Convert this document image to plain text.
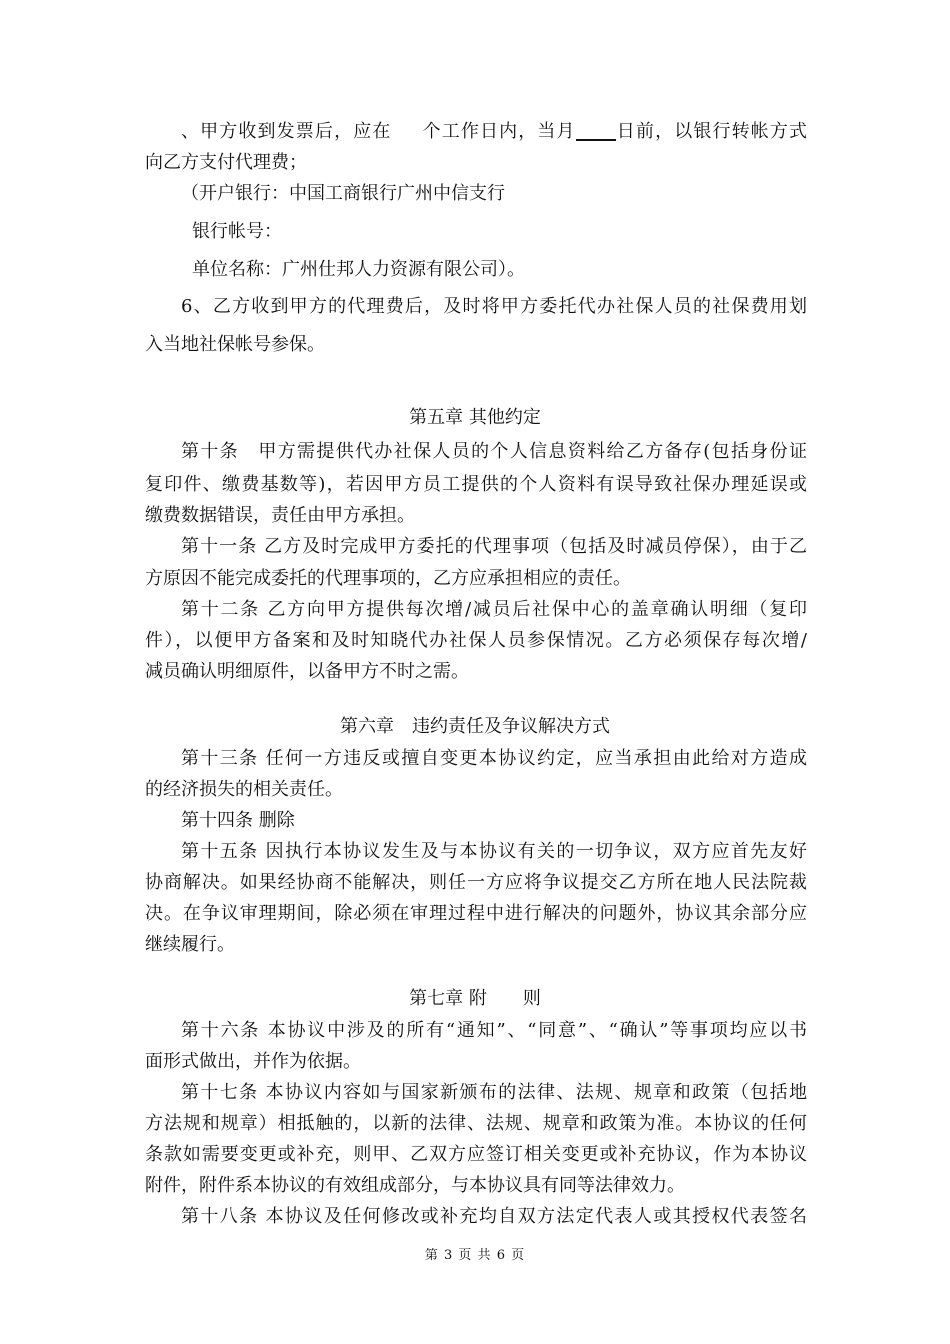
、甲方收到发票后，应在 个工作日内，当月 日前，以银行转帐方式
向乙方支付代理费；
（开户银行：中国工商银行广州中信支行
银行帐号：
单位名称：广州仕邦人力资源有限公司）。
6、乙方收到甲方的代理费后，及时将甲方委托代办社保人员的社保费用划
入当地社保帐号参保。
第五章 其他约定
第十条　甲方需提供代办社保人员的个人信息资料给乙方备存(包括身份证
复印件、缴费基数等)，若因甲方员工提供的个人资料有误导致社保办理延误或
缴费数据错误，责任由甲方承担。
第十一条 乙方及时完成甲方委托的代理事项（包括及时减员停保），由于乙
方原因不能完成委托的代理事项的，乙方应承担相应的责任。
第十二条 乙方向甲方提供每次增/减员后社保中心的盖章确认明细（复印
件），以便甲方备案和及时知晓代办社保人员参保情况。乙方必须保存每次增/
减员确认明细原件，以备甲方不时之需。
第六章　违约责任及争议解决方式
第十三条 任何一方违反或擅自变更本协议约定，应当承担由此给对方造成
的经济损失的相关责任。
第十四条 删除
第十五条 因执行本协议发生及与本协议有关的一切争议，双方应首先友好
协商解决。如果经协商不能解决，则任一方应将争议提交乙方所在地人民法院裁
决。在争议审理期间，除必须在审理过程中进行解决的问题外，协议其余部分应
继续履行。
第七章 附　　则
第十六条 本协议中涉及的所有“通知”、“同意”、“确认”等事项均应以书
面形式做出，并作为依据。
第十七条 本协议内容如与国家新颁布的法律、法规、规章和政策（包括地
方法规和规章）相抵触的，以新的法律、法规、规章和政策为准。本协议的任何
条款如需要变更或补充，则甲、乙双方应签订相关变更或补充协议，作为本协议
附件，附件系本协议的有效组成部分，与本协议具有同等法律效力。
第十八条 本协议及任何修改或补充均自双方法定代表人或其授权代表签名
第 3 页 共 6 页
